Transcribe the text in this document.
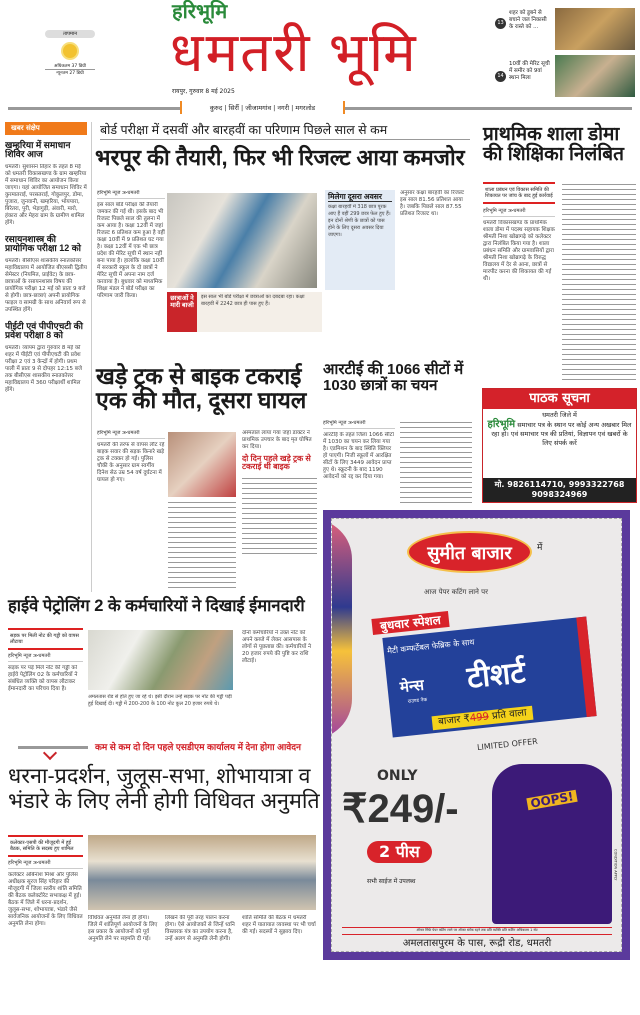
तापमान
अधिकतम 37 डिग्री
न्यूनतम 27 डिग्री
हरिभूमि
धमतरी भूमि
रायपुर, गुरुवार 8 मई 2025
13
शहर को डूबने से बचाने जल निकासी के रास्ते को ...
14
10वीं की मेरिट सूची में समीर को 9वां स्थान मिला
कुरुद | सिर्री | जीजामगांव | नगरी | मगरलोड
खबर संक्षेप
खम्हरिया में समाधान शिविर आज
धमतरी। सुशासन तिहार के तहत 8 मई को धमतरी विकासखण्ड के ग्राम खम्हरिया में समाधान शिविर का आयोजन किया जाएगा। यहां आयोजित समाधान शिविर में कुरमातराई, परसतराई, गोकुलपुर, डोमा, पुजारा, जुनवानी, खम्हरिया, भोयपारा, बिरेतरा, पुरी, भेड़ागुड़ी, अंवारी, मारो, हंकारा और मेहरा ग्राम के ग्रामीण शामिल होंगे।
रसायनशास्त्र की प्रायोगिक परीक्षा 12 को
धमतरी। बीसीएस शासकीय स्नातकोत्तर महाविद्यालय में आयोजित बीएससी द्वितीय सेमेस्टर (नियमित, प्राईवेट) के छात्र-छात्राओं के रसायनशास्त्र विषय की प्रायोगिक परीक्षा 12 मई को प्रातः 9 बजे से होगी। छात्र-छात्राएं अपनी प्रायोगिक फाइल व सामग्री के साथ अनिवार्य रूप से उपस्थित होंगे।
पीईटी एवं पीपीएचटी की प्रवेश परीक्षा 8 को
धमतरी। व्यापमं द्वारा गुरुवार 8 मई को शहर में पीईटी एवं पीपीएचटी की प्रवेश परीक्षा 2 एवं 3 केन्द्रों में होगी। प्रथम पाली में प्रातः 9 से दोपहर 12:15 बजे तक बीसीएस शासकीय स्नातकोत्तर महाविद्यालय में 360 परीक्षार्थी शामिल होंगे।
बोर्ड परीक्षा में दसवीं और बारहवीं का परिणाम पिछले साल से कम
भरपूर की तैयारी, फिर भी रिजल्ट आया कमजोर
हरिभूमि न्यूज ≫धमतरी
इस साल बोर्ड परीक्षा की तैयारी जमकर की गई थी। इसके बाद भी रिजल्ट पिछले साल की तुलना में कम आया है। कक्षा 12वीं में जहां रिजल्ट 6 प्रतिशत कम हुआ है वहीं कक्षा 10वीं में 9 प्रतिशत घट गया है। कक्षा 12वीं में एक भी छात्र प्रदेश की मेरिट सूची में स्थान नहीं बना पाया है। हालांकि कक्षा 10वीं में सरकारी स्कूल के दो छात्रों ने मेरिट सूची में अपना नाम दर्ज करवाया है। बुधवार को माध्यमिक शिक्षा मंडल ने बोर्ड परीक्षा का परिणाम जारी किया।	छात्राओं ने मारी बाजी
इस साल भी बोर्ड परीक्षा में छात्राओं का दबदबा रहा। कक्षा बारहवीं में 2242 छात्र ही पास हुए हैं।
मिलेगा दूसरा अवसर
कक्षा बारहवीं में 318 छात्र पूरक आए हैं वहीं 299 छात्र फेल हुए हैं। इन दोनों श्रेणी के छात्रों को पास होने के लिए दूसरा अवसर दिया जाएगा।
अनुसार कक्षा बारहवीं का रिजल्ट इस साल 81.56 प्रतिशत आया है। जबकि पिछले साल 87.55 प्रतिशत रिजल्ट था।
प्राथमिक शाला डोमा की शिक्षिका निलंबित
शाला प्रबंधन एवं विकास समिति की शिकायत पर जांच के बाद हुई कार्रवाई
हरिभूमि न्यूज ≫धमतरी
धमतरी विकासखण्ड के प्राथमिक शाला डोमा में पदस्थ सहायक शिक्षक श्रीमती निशा खोब्रागढ़े को कलेक्टर द्वारा निलंबित किया गया है। शाला प्रबंधन समिति और ग्रामवासियों द्वारा श्रीमती निशा खोब्रागढ़े के विरुद्ध विद्यालय में देर से आना, छात्रों से मारपीट करना की शिकायत की गई थी।
पाठक सूचना
धमतरी जिले में
हरिभूमि समाचार पत्र के स्थान पर कोई अन्य अखबार मिल रहा हो। एवं समाचार पत्र की प्रतियां, विज्ञापन एवं खबरों के लिए संपर्क करें
मो. 9826114710, 9993322768 9098324969
खड़े ट्रक से बाइक टकराई एक की मौत, दूसरा घायल
हरिभूमि न्यूज ≫धमतरी
धमतरी की तरफ से वापस लौट रहे बाइक सवार की सड़क किनारे खड़े ट्रक से टक्कर हो गई। पुलिस चौकी के अनुसार ग्राम स्वर्गीय दिनेश सेठ उम्र 54 वर्ष दुर्घटना में घायल हो गए।
अस्पताल लाया गया जहां डाक्टर ने प्राथमिक उपचार के बाद मृत घोषित कर दिया।
दो दिन पहले खड़े ट्रक से टकराई थी बाइक
आरटीई की 1066 सीटों में 1030 छात्रों का चयन
हरिभूमि न्यूज ≫धमतरी
आरटीई के तहत जिला 1066 सीटों में 1030 का चयन कर लिया गया है। एडमिशन के बाद स्थिति क्लियर हो पाएगी। निजी स्कूलों में आरक्षित सीटों के लिए 3449 आवेदन प्राप्त हुए थे। स्क्रूटनी के बाद 1190 आवेदनों को रद्द कर दिया गया।
सुमीत बाजार	में
आज पेपर कटिंग लाने पर
बुधवार स्पेशल
मैटी कम्फर्टेबल फेब्रिक के साथ
मेन्स
राउण्ड नेक
टीशर्ट
बाजार ₹499 प्रति वाला
LIMITED OFFER
OOPS!
CONDITION APPLY
ONLY
₹249/-
2 पीस
सभी साईज में उपलब्ध
ऑफर सिर्फ पेपर कटिंग लाने पर ऑफर स्टॉक रहने तक प्रति व्यक्ति प्रति कटिंग अधिकतम 1 सेट
अमलतासपुरम के पास, रूद्री रोड, धमतरी
हाईवे पेट्रोलिंग 2 के कर्मचारियों ने दिखाई ईमानदारी
सड़क पर मिली नोट की गड्डी को वापस लौटाया
हरिभूमि न्यूज ≫धमतरी
सड़क पर पड़े मिले नोट की गड्डी को हाईवे पेट्रोलिंग 02 के कर्मचारियों ने संबंधित व्यक्ति को वापस लौटाकर ईमानदारी का परिचय दिया है।
अमलतास रोड से होते हुए जा रहे थे। इसी दौरान उन्हें सड़क पर नोट की गड्डी पड़ी हुई दिखाई दी। गड्डी में 200-200 के 100 नोट कुल 20 हजार रुपये थे।
दोनों कर्मचारियों ने उक्त नोट को अपने कब्जे में लेकर आसपास के लोगों से पूछताछ की। कर्मचारियों ने 20 हजार रुपये की पुष्टि कर राशि लौटाई।
कम से कम दो दिन पहले एसडीएम कार्यालय में देना होगा आवेदन
धरना-प्रदर्शन, जुलूस-सभा, शोभायात्रा व भंडारे के लिए लेनी होगी विधिवत अनुमति
कलेक्टर-एसपी की मौजूदगी में हुई बैठक, समिति के सदस्य हुए शामिल
हरिभूमि न्यूज ≫धमतरी
कलेक्टर अबिनाश मिश्रा और पुलिस अधीक्षक सूरज सिंह परिहार की मौजूदगी में जिला स्तरीय शांति समिति की बैठक कलेक्टोरेट सभाकक्ष में हुई। बैठक में जिले में धरना-प्रदर्शन, जुलूस-सभा, शोभायात्रा, भंडारे जैसे सार्वजनिक आयोजनों के लिए विधिवत अनुमति लेना होगा।
विधिवत अनुमति लेना ही होगा। जिले में शांतिपूर्ण आयोजनों के लिए इस प्रकार के आयोजनों को पूर्व अनुमति लेने पर सहमति दी गई।
लिखने की पूरी तरह पालन करना होगा। ऐसे आयोजकों से जिन्हें ध्वनि विस्तारक यंत्र का उपयोग करना है, उन्हें अलग से अनुमति लेनी होगी।
शांति समिति की बैठक में धमतरी शहर में यातायात व्यवस्था पर भी चर्चा की गई। सदस्यों ने सुझाव दिए।
